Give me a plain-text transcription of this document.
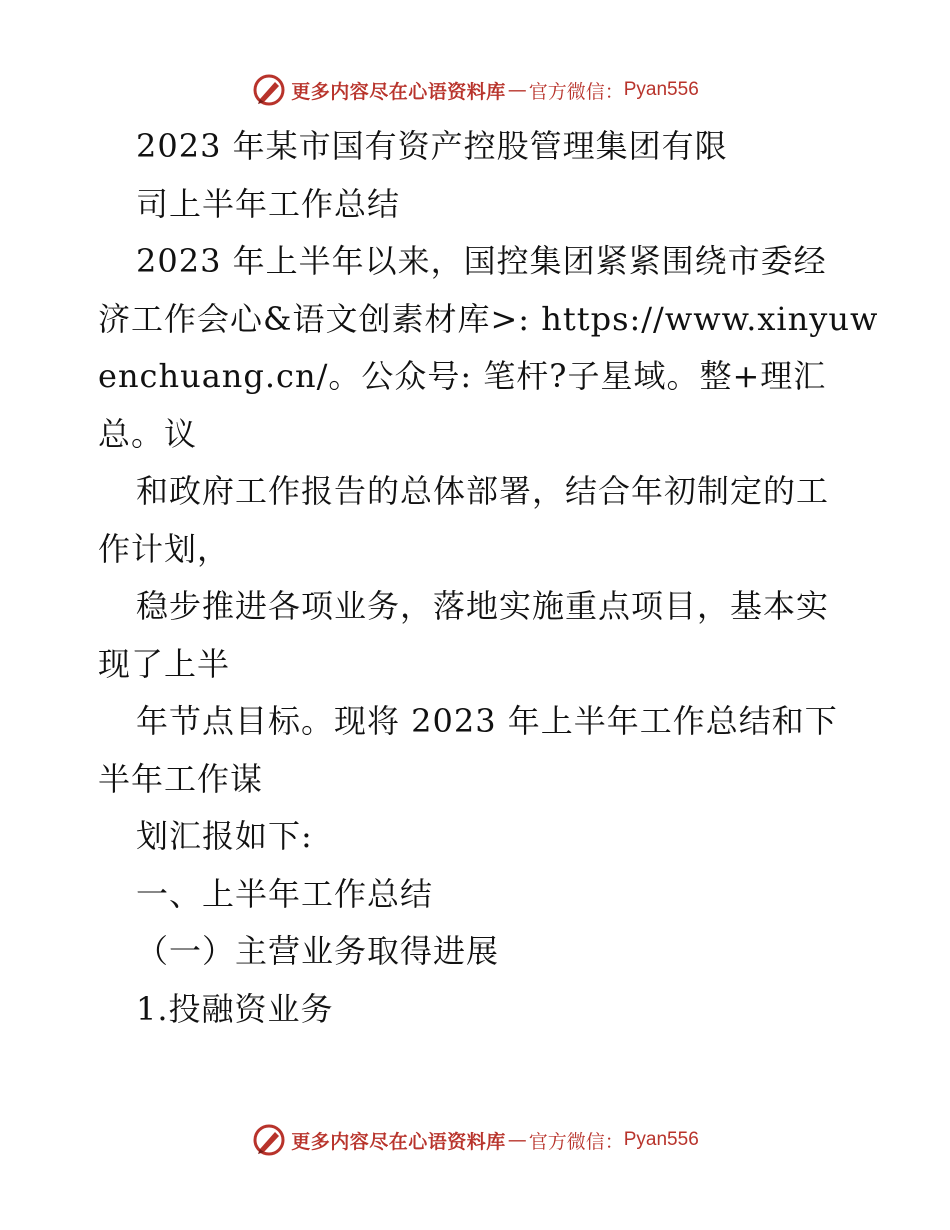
更多内容尽在心语资料库 — 官方微信： Pyan556

2023 年某市国有资产控股管理集团有限

司上半年工作总结

2023 年上半年以来，国控集团紧紧围绕市委经

济工作会心&语文创素材库>: https://www.xinyuw

enchuang.cn/。公众号: 笔杆?子星域。整+理汇

总。议

和政府工作报告的总体部署，结合年初制定的工

作计划，

稳步推进各项业务，落地实施重点项目，基本实

现了上半

年节点目标。现将 2023 年上半年工作总结和下

半年工作谋

划汇报如下:

一、上半年工作总结

（一）主营业务取得进展

1.投融资业务

更多内容尽在心语资料库 — 官方微信： Pyan556
